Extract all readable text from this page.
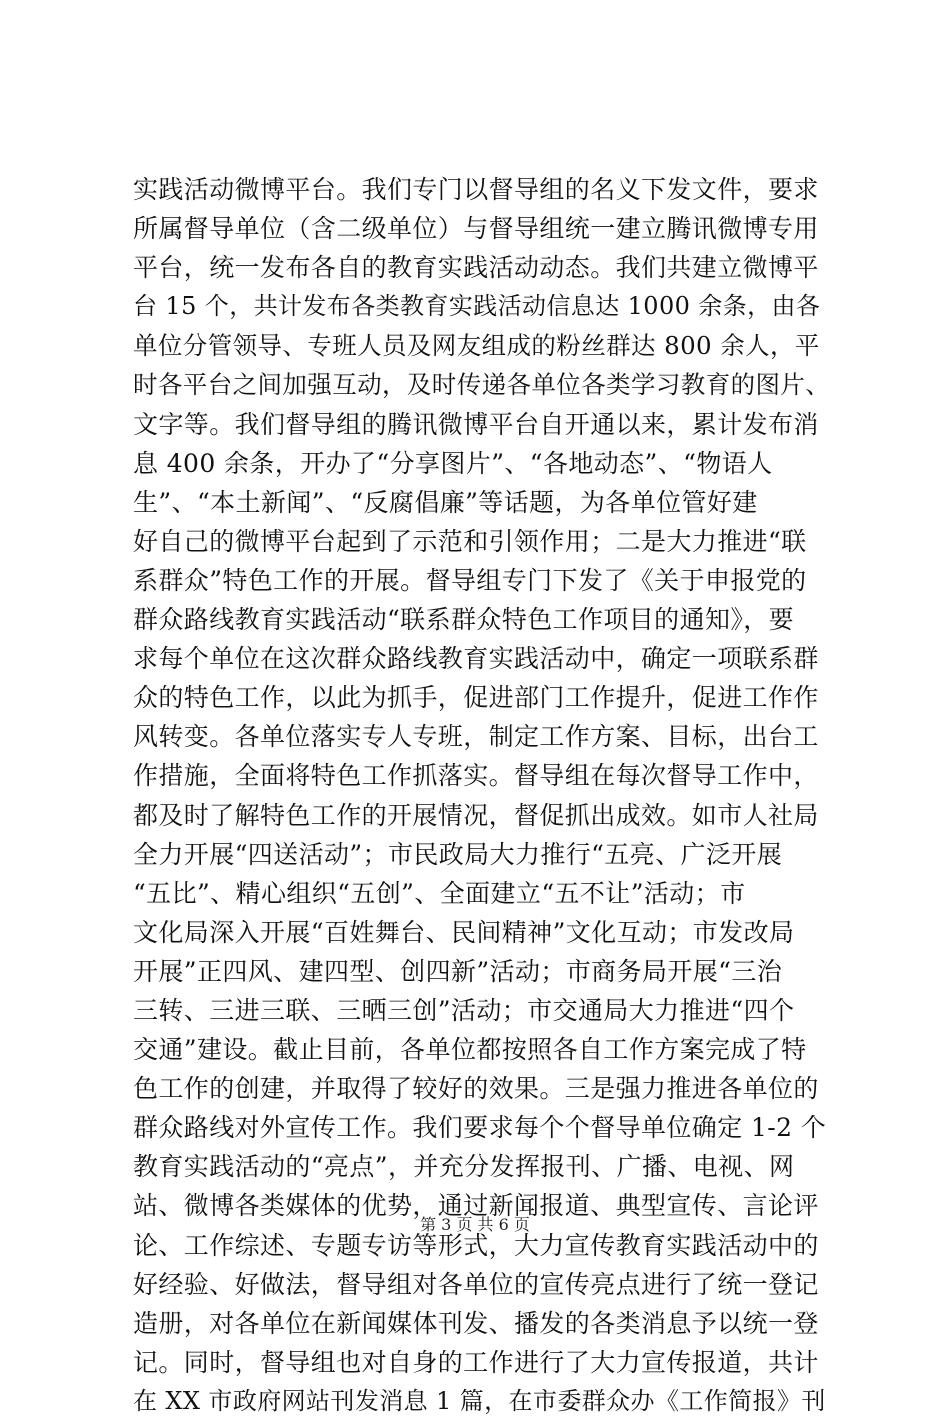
实践活动微博平台。我们专门以督导组的名义下发文件，要求
所属督导单位（含二级单位）与督导组统一建立腾讯微博专用
平台，统一发布各自的教育实践活动动态。我们共建立微博平
台 15 个，共计发布各类教育实践活动信息达 1000 余条，由各
单位分管领导、专班人员及网友组成的粉丝群达 800 余人，平
时各平台之间加强互动，及时传递各单位各类学习教育的图片、
文字等。我们督导组的腾讯微博平台自开通以来，累计发布消
息 400 余条，开办了“分享图片”、“各地动态”、“物语人
生”、“本土新闻”、“反腐倡廉”等话题，为各单位管好建
好自己的微博平台起到了示范和引领作用；二是大力推进“联
系群众”特色工作的开展。督导组专门下发了《关于申报党的
群众路线教育实践活动“联系群众特色工作项目的通知》，要
求每个单位在这次群众路线教育实践活动中，确定一项联系群
众的特色工作，以此为抓手，促进部门工作提升，促进工作作
风转变。各单位落实专人专班，制定工作方案、目标，出台工
作措施，全面将特色工作抓落实。督导组在每次督导工作中，
都及时了解特色工作的开展情况，督促抓出成效。如市人社局
全力开展“四送活动”；市民政局大力推行“五亮、广泛开展
“五比”、精心组织“五创”、全面建立“五不让”活动；市
文化局深入开展“百姓舞台、民间精神”文化互动；市发改局
开展”正四风、建四型、创四新”活动；市商务局开展“三治
三转、三进三联、三晒三创”活动；市交通局大力推进“四个
交通”建设。截止目前，各单位都按照各自工作方案完成了特
色工作的创建，并取得了较好的效果。三是强力推进各单位的
群众路线对外宣传工作。我们要求每个个督导单位确定 1-2 个
教育实践活动的“亮点”，并充分发挥报刊、广播、电视、网
站、微博各类媒体的优势，通过新闻报道、典型宣传、言论评
论、工作综述、专题专访等形式，大力宣传教育实践活动中的
好经验、好做法，督导组对各单位的宣传亮点进行了统一登记
造册，对各单位在新闻媒体刊发、播发的各类消息予以统一登
记。同时，督导组也对自身的工作进行了大力宣传报道，共计
在 XX 市政府网站刊发消息 1 篇，在市委群众办《工作简报》刊
第 3 页 共 6 页
